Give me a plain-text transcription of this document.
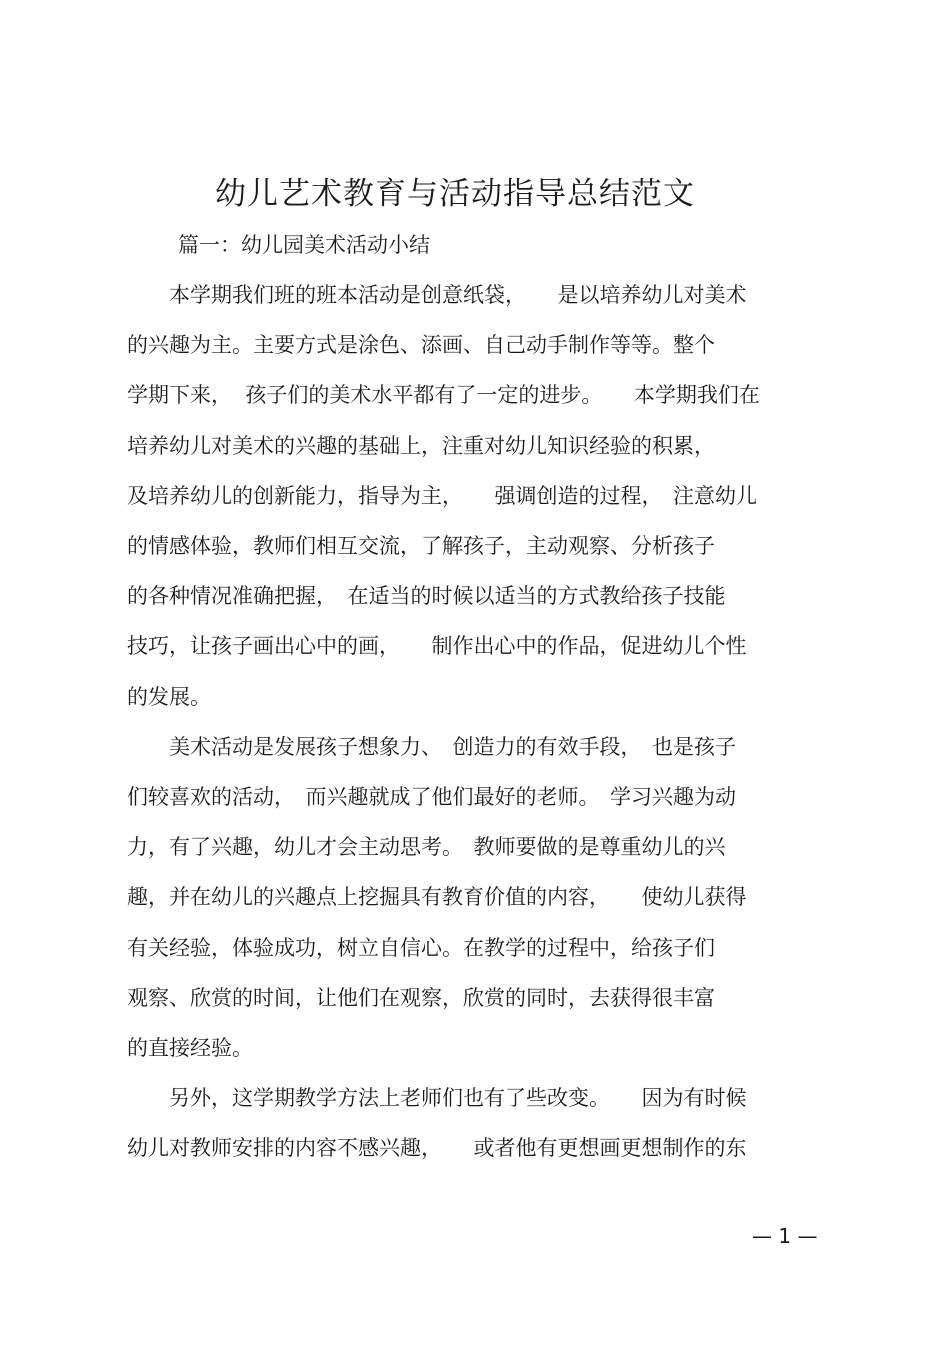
幼儿艺术教育与活动指导总结范文
篇一：幼儿园美术活动小结
　　本学期我们班的班本活动是创意纸袋，　　是以培养幼儿对美术
的兴趣为主。主要方式是涂色、添画、自己动手制作等等。整个
学期下来，  孩子们的美术水平都有了一定的进步。　　本学期我们在
培养幼儿对美术的兴趣的基础上，注重对幼儿知识经验的积累，
及培养幼儿的创新能力，指导为主，　　强调创造的过程，　注意幼儿
的情感体验，教师们相互交流，了解孩子，主动观察、分析孩子
的各种情况准确把握，　在适当的时候以适当的方式教给孩子技能
技巧，让孩子画出心中的画，　　制作出心中的作品，促进幼儿个性
的发展。
　　美术活动是发展孩子想象力、　创造力的有效手段，　也是孩子
们较喜欢的活动，　而兴趣就成了他们最好的老师。　学习兴趣为动
力，有了兴趣，幼儿才会主动思考。　教师要做的是尊重幼儿的兴
趣，并在幼儿的兴趣点上挖掘具有教育价值的内容，　　使幼儿获得
有关经验，体验成功，树立自信心。在教学的过程中，给孩子们
观察、欣赏的时间，让他们在观察，欣赏的同时，去获得很丰富
的直接经验。
　　另外，这学期教学方法上老师们也有了些改变。　　因为有时候
幼儿对教师安排的内容不感兴趣，　　或者他有更想画更想制作的东
— 1 —
